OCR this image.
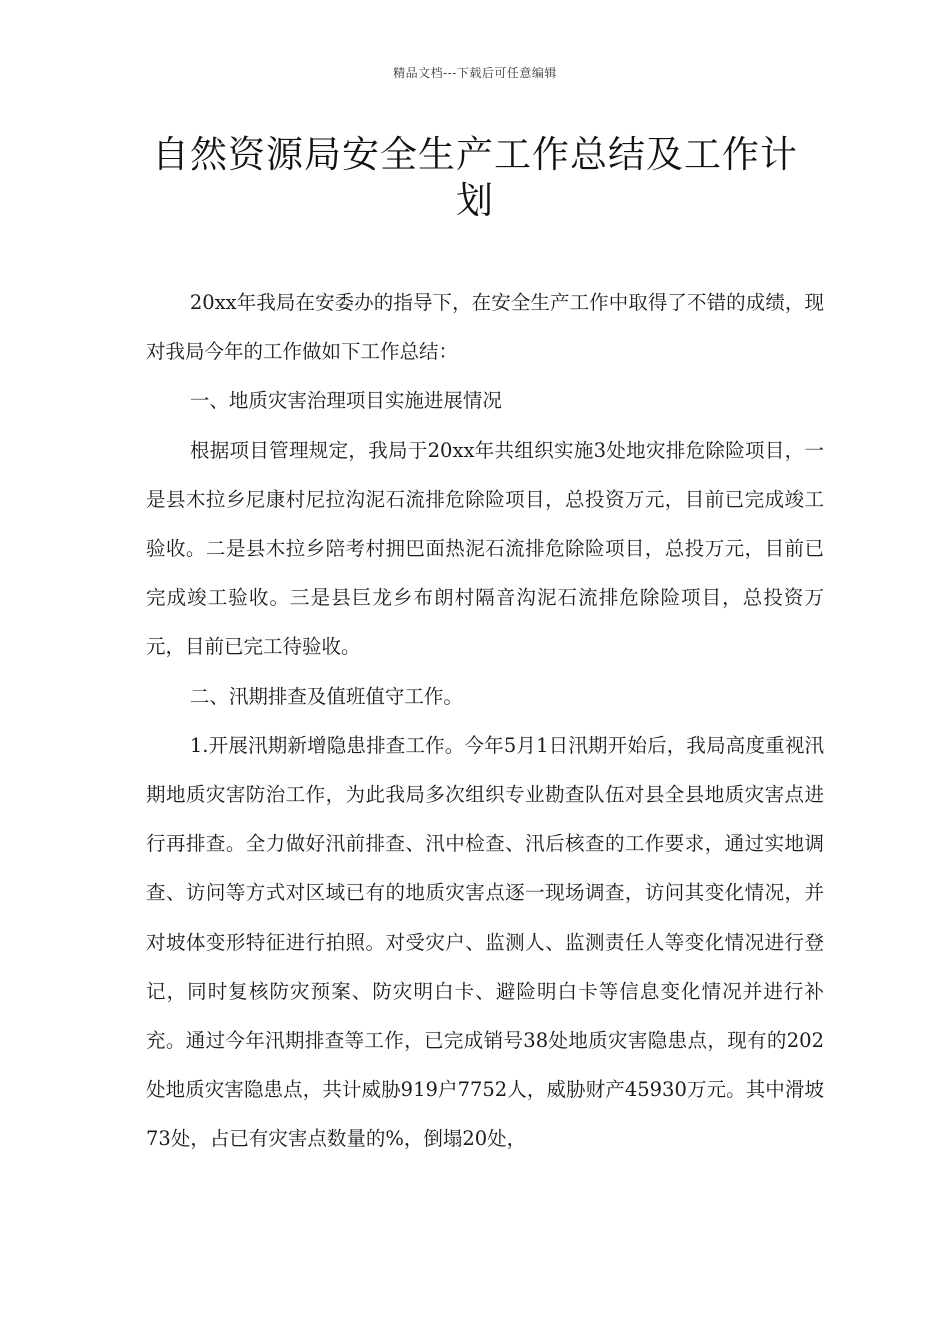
精品文档---下载后可任意编辑
自然资源局安全生产工作总结及工作计划

20xx年我局在安委办的指导下，在安全生产工作中取得了不错的成绩，现对我局今年的工作做如下工作总结：

一、地质灾害治理项目实施进展情况

根据项目管理规定，我局于20xx年共组织实施3处地灾排危除险项目，一是县木拉乡尼康村尼拉沟泥石流排危除险项目，总投资万元，目前已完成竣工验收。二是县木拉乡陪考村拥巴面热泥石流排危除险项目，总投万元，目前已完成竣工验收。三是县巨龙乡布朗村隔音沟泥石流排危除险项目，总投资万元，目前已完工待验收。

二、汛期排查及值班值守工作。

1.开展汛期新增隐患排查工作。今年5月1日汛期开始后，我局高度重视汛期地质灾害防治工作，为此我局多次组织专业勘查队伍对县全县地质灾害点进行再排查。全力做好汛前排查、汛中检查、汛后核查的工作要求，通过实地调查、访问等方式对区域已有的地质灾害点逐一现场调查，访问其变化情况，并对坡体变形特征进行拍照。对受灾户、监测人、监测责任人等变化情况进行登记，同时复核防灾预案、防灾明白卡、避险明白卡等信息变化情况并进行补充。通过今年汛期排查等工作，已完成销号38处地质灾害隐患点，现有的202处地质灾害隐患点，共计威胁919户7752人，威胁财产45930万元。其中滑坡73处，占已有灾害点数量的%，倒塌20处，
